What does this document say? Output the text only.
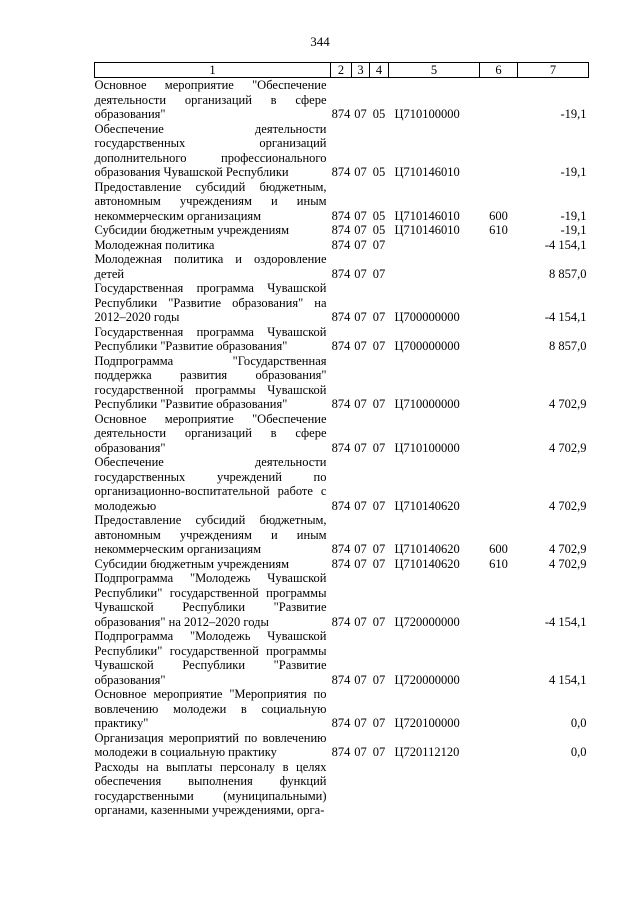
344
1	2	3	4	5	6	7
Основное мероприятие "Обеспечение деятельности организаций в сфере образования"	874	07	05	Ц710100000		-19,1
Обеспечение деятельности государственных организаций дополнительного профессионального образования Чувашской Республики	874	07	05	Ц710146010		-19,1
Предоставление субсидий бюджетным, автономным учреждениям и иным некоммерческим организациям	874	07	05	Ц710146010	600	-19,1
Субсидии бюджетным учреждениям	874	07	05	Ц710146010	610	-19,1
Молодежная политика	874	07	07			-4 154,1
Молодежная политика и оздоровление детей	874	07	07			8 857,0
Государственная программа Чувашской Республики "Развитие образования" на 2012–2020 годы	874	07	07	Ц700000000		-4 154,1
Государственная программа Чувашской Республики "Развитие образования"	874	07	07	Ц700000000		8 857,0
Подпрограмма "Государственная поддержка развития образования" государственной программы Чувашской Республики "Развитие образования"	874	07	07	Ц710000000		4 702,9
Основное мероприятие "Обеспечение деятельности организаций в сфере образования"	874	07	07	Ц710100000		4 702,9
Обеспечение деятельности государственных учреждений по организационно-воспитательной работе с молодежью	874	07	07	Ц710140620		4 702,9
Предоставление субсидий бюджетным, автономным учреждениям и иным некоммерческим организациям	874	07	07	Ц710140620	600	4 702,9
Субсидии бюджетным учреждениям	874	07	07	Ц710140620	610	4 702,9
Подпрограмма "Молодежь Чувашской Республики" государственной программы Чувашской Республики "Развитие образования" на 2012–2020 годы	874	07	07	Ц720000000		-4 154,1
Подпрограмма "Молодежь Чувашской Республики" государственной программы Чувашской Республики "Развитие образования"	874	07	07	Ц720000000		4 154,1
Основное мероприятие "Мероприятия по вовлечению молодежи в социальную практику"	874	07	07	Ц720100000		0,0
Организация мероприятий по вовлечению молодежи в социальную практику	874	07	07	Ц720112120		0,0
Расходы на выплаты персоналу в целях обеспечения выполнения функций государственными (муниципальными) органами, казенными учреждениями, орга-						
